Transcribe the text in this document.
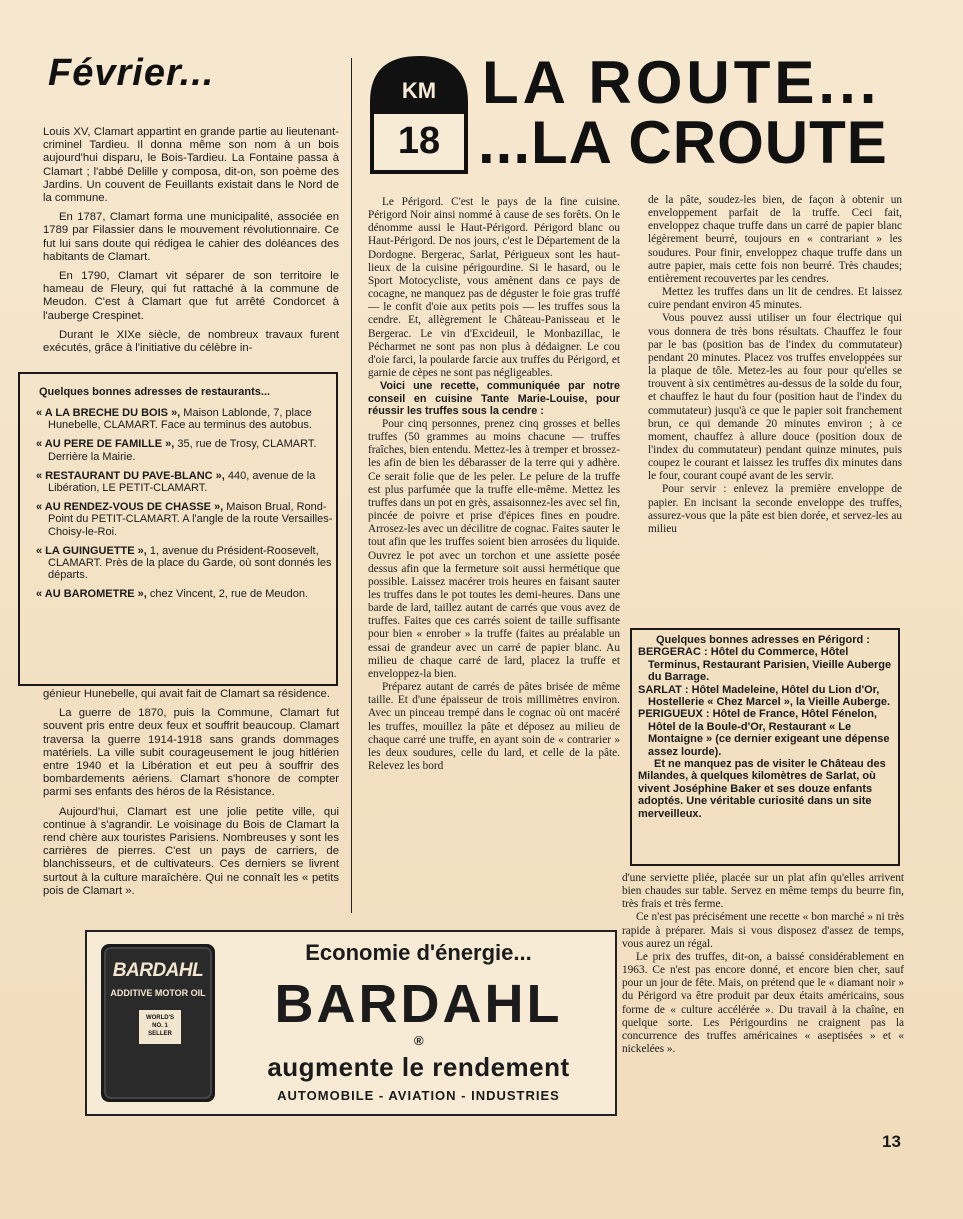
Février...	KM
18
LA ROUTE...
...LA CROUTE

Louis XV, Clamart appartint en grande partie au lieutenant-criminel Tardieu. Il donna même son nom à un bois aujourd'hui disparu, le Bois-Tardieu. La Fontaine passa à Clamart ; l'abbé Delille y composa, dit-on, son poème des Jardins. Un couvent de Feuillants existait dans le Nord de la commune.

En 1787, Clamart forma une municipalité, associée en 1789 par Filassier dans le mouvement révolutionnaire. Ce fut lui sans doute qui rédigea le cahier des doléances des habitants de Clamart.

En 1790, Clamart vit séparer de son territoire le hameau de Fleury, qui fut rattaché à la commune de Meudon. C'est à Clamart que fut arrêté Condorcet à l'auberge Crespinet.

Durant le XIXe siècle, de nombreux travaux furent exécutés, grâce à l'initiative du célèbre in-

Quelques bonnes adresses de restaurants...
« A LA BRECHE DU BOIS », Maison Lablonde, 7, place Hunebelle, CLAMART. Face au terminus des autobus.
« AU PERE DE FAMILLE », 35, rue de Trosy, CLAMART. Derrière la Mairie.
« RESTAURANT DU PAVE-BLANC », 440, avenue de la Libération, LE PETIT-CLAMART.
« AU RENDEZ-VOUS DE CHASSE », Maison Brual, Rond-Point du PETIT-CLAMART. A l'angle de la route Versailles-Choisy-le-Roi.
« LA GUINGUETTE », 1, avenue du Président-Roosevelt, CLAMART. Près de la place du Garde, où sont donnés les départs.
« AU BAROMETRE », chez Vincent, 2, rue de Meudon.

génieur Hunebelle, qui avait fait de Clamart sa résidence.

La guerre de 1870, puis la Commune, Clamart fut souvent pris entre deux feux et souffrit beaucoup. Clamart traversa la guerre 1914-1918 sans grands dommages matériels. La ville subit courageusement le joug hitlérien entre 1940 et la Libération et eut peu à souffrir des bombardements aériens. Clamart s'honore de compter parmi ses enfants des héros de la Résistance.

Aujourd'hui, Clamart est une jolie petite ville, qui continue à s'agrandir. Le voisinage du Bois de Clamart la rend chère aux touristes Parisiens. Nombreuses y sont les carrières de pierres. C'est un pays de carriers, de blanchisseurs, et de cultivateurs. Ces derniers se livrent surtout à la culture maraîchère. Qui ne connaît les « petits pois de Clamart ».

Le Périgord. C'est le pays de la fine cuisine. Périgord Noir ainsi nommé à cause de ses forêts. On le dénomme aussi le Haut-Périgord. Périgord blanc ou Haut-Périgord. De nos jours, c'est le Département de la Dordogne. Bergerac, Sarlat, Périgueux sont les haut-lieux de la cuisine périgourdine. Si le hasard, ou le Sport Motocycliste, vous amènent dans ce pays de cocagne, ne manquez pas de déguster le foie gras truffé — le confit d'oie aux petits pois — les truffes sous la cendre. Et, allègrement le Château-Panisseau et le Bergerac. Le vin d'Excideuil, le Monbazillac, le Pécharmet ne sont pas non plus à dédaigner. Le cou d'oie farci, la poularde farcie aux truffes du Périgord, et garnie de cèpes ne sont pas négligeables.

Voici une recette, communiquée par notre conseil en cuisine Tante Marie-Louise, pour réussir les truffes sous la cendre :

Pour cinq personnes, prenez cinq grosses et belles truffes (50 grammes au moins chacune — truffes fraîches, bien entendu. Mettez-les à tremper et brossez-les afin de bien les débarasser de la terre qui y adhère. Ce serait folie que de les peler. Le pelure de la truffe est plus parfumée que la truffe elle-même. Mettez les truffes dans un pot en grès, assaisonnez-les avec sel fin, pincée de poivre et prise d'épices fines en poudre. Arrosez-les avec un décilitre de cognac. Faites sauter le tout afin que les truffes soient bien arrosées du liquide. Ouvrez le pot avec un torchon et une assiette posée dessus afin que la fermeture soit aussi hermétique que possible. Laissez macérer trois heures en faisant sauter les truffes dans le pot toutes les demi-heures. Dans une barde de lard, taillez autant de carrés que vous avez de truffes. Faites que ces carrés soient de taille suffisante pour bien « enrober » la truffe (faites au préalable un essai de grandeur avec un carré de papier blanc. Au milieu de chaque carré de lard, placez la truffe et enveloppez-la bien.

Préparez autant de carrés de pâtes brisée de même taille. Et d'une épaisseur de trois millimètres environ. Avec un pinceau trempé dans le cognac où ont macéré les truffes, mouillez la pâte et déposez au milieu de chaque carré une truffe, en ayant soin de « contrarier » les deux soudures, celle du lard, et celle de la pâte. Relevez les bord

de la pâte, soudez-les bien, de façon à obtenir un enveloppement parfait de la truffe. Ceci fait, enveloppez chaque truffe dans un carré de papier blanc légèrement beurré, toujours en « contrariant » les soudures. Pour finir, enveloppez chaque truffe dans un autre papier, mais cette fois non beurré. Très chaudes; entièrement recouvertes par les cendres.

Mettez les truffes dans un lit de cendres. Et laissez cuire pendant environ 45 minutes.

Vous pouvez aussi utiliser un four électrique qui vous donnera de très bons résultats. Chauffez le four par le bas (position bas de l'index du commutateur) pendant 20 minutes. Placez vos truffes enveloppées sur la plaque de tôle. Metez-les au four pour qu'elles se trouvent à six centimètres au-dessus de la solde du four, et chauffez le haut du four (position haut de l'index du commutateur) jusqu'à ce que le papier soit franchement brun, ce qui demande 20 minutes environ ; à ce moment, chauffez à allure douce (position doux de l'index du commutateur) pendant quinze minutes, puis coupez le courant et laissez les truffes dix minutes dans le four, courant coupé avant de les servir.

Pour servir : enlevez la première enveloppe de papier. En incisant la seconde enveloppe des truffes, assurez-vous que la pâte est bien dorée, et servez-les au milieu

Quelques bonnes adresses en Périgord :
BERGERAC : Hôtel du Commerce, Hôtel Terminus, Restaurant Parisien, Vieille Auberge du Barrage.
SARLAT : Hôtel Madeleine, Hôtel du Lion d'Or, Hostellerie « Chez Marcel », la Vieille Auberge.
PERIGUEUX : Hôtel de France, Hôtel Fénelon, Hôtel de la Boule-d'Or, Restaurant « Le Montaigne » (ce dernier exigeant une dépense assez lourde).
Et ne manquez pas de visiter le Château des Milandes, à quelques kilomètres de Sarlat, où vivent Joséphine Baker et ses douze enfants adoptés. Une véritable curiosité dans un site merveilleux.

d'une serviette pliée, placée sur un plat afin qu'elles arrivent bien chaudes sur table. Servez en même temps du beurre fin, très frais et très ferme.

Ce n'est pas précisément une recette « bon marché » ni très rapide à préparer. Mais si vous disposez d'assez de temps, vous aurez un régal.

Le prix des truffes, dit-on, a baissé considérablement en 1963. Ce n'est pas encore donné, et encore bien cher, sauf pour un jour de fête. Mais, on prétend que le « diamant noir » du Périgord va être produit par deux étaits américains, sous forme de « culture accélérée ». Du travail à la chaîne, en quelque sorte. Les Périgourdins ne craignent pas la concurrence des truffes américaines « aseptisées » et « nickelées ».

BARDAHL
ADDITIVE MOTOR OIL
WORLD'S NO. 1 SELLER
Economie d'énergie...
BARDAHL
®
augmente le rendement
AUTOMOBILE - AVIATION - INDUSTRIES
13
